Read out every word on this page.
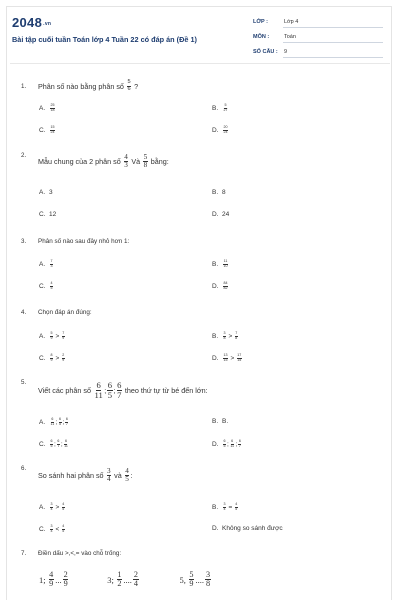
2048.vn
Bài tập cuối tuần Toán lớp 4 Tuần 22 có đáp án (Đề 1)
LỚP :	Lớp 4
MÔN :	Toán
SỐ CÂU : 9
1.	Phân số nào bằng phân số
$\frac{5}{6}$
?
A.	$\frac{25}{18}$	B.	$\frac{5}{27}$
C.	$\frac{15}{24}$	D.	$\frac{20}{24}$
2.
Mẫu chung của 2 phân số
$\frac{4}{3}$
Và
$\frac{5}{8}$
bằng:
A. 3	B. 8
C. 12	D. 24
3.	Phân số nào sau đây nhỏ hơn 1:
A.	$\frac{7}{3}$	B.	$\frac{11}{10}$
C.	$\frac{4}{5}$	D.	$\frac{84}{82}$
4.	Chọn đáp án đúng:
A.	$\frac{5}{9} > \frac{7}{9}$	B.	$\frac{3}{8} > \frac{7}{8}$
C.	$\frac{8}{9} > \frac{2}{9}$	D.	$\frac{13}{15} > \frac{17}{15}$
5.
Viết các phân số
$\frac{6}{11}$ ; $\frac{6}{5}$ ; $\frac{6}{7}$
theo thứ tự từ bé đến lớn:
A.	$\frac{6}{11}$ ; $\frac{6}{5}$ ; $\frac{6}{7}$	B. B.
C.	$\frac{6}{5}$ ; $\frac{6}{7}$ ; $\frac{6}{11}$	D.	$\frac{6}{5}$ ; $\frac{6}{11}$ ; $\frac{6}{7}$
6.
So sánh hai phân số
$\frac{3}{4}$
và
$\frac{4}{5}$ :
A.	$\frac{3}{4} > \frac{4}{5}$	B.	$\frac{3}{4} = \frac{4}{5}$
C.	$\frac{3}{4} < \frac{4}{5}$	D. Không so sánh được
7.	Điền dấu >,<,= vào chỗ trống:
1; $\frac{4}{9}$ ... $\frac{2}{9}$	3; $\frac{1}{2}$ .... $\frac{2}{4}$	5, $\frac{5}{9}$ .... $\frac{3}{8}$
